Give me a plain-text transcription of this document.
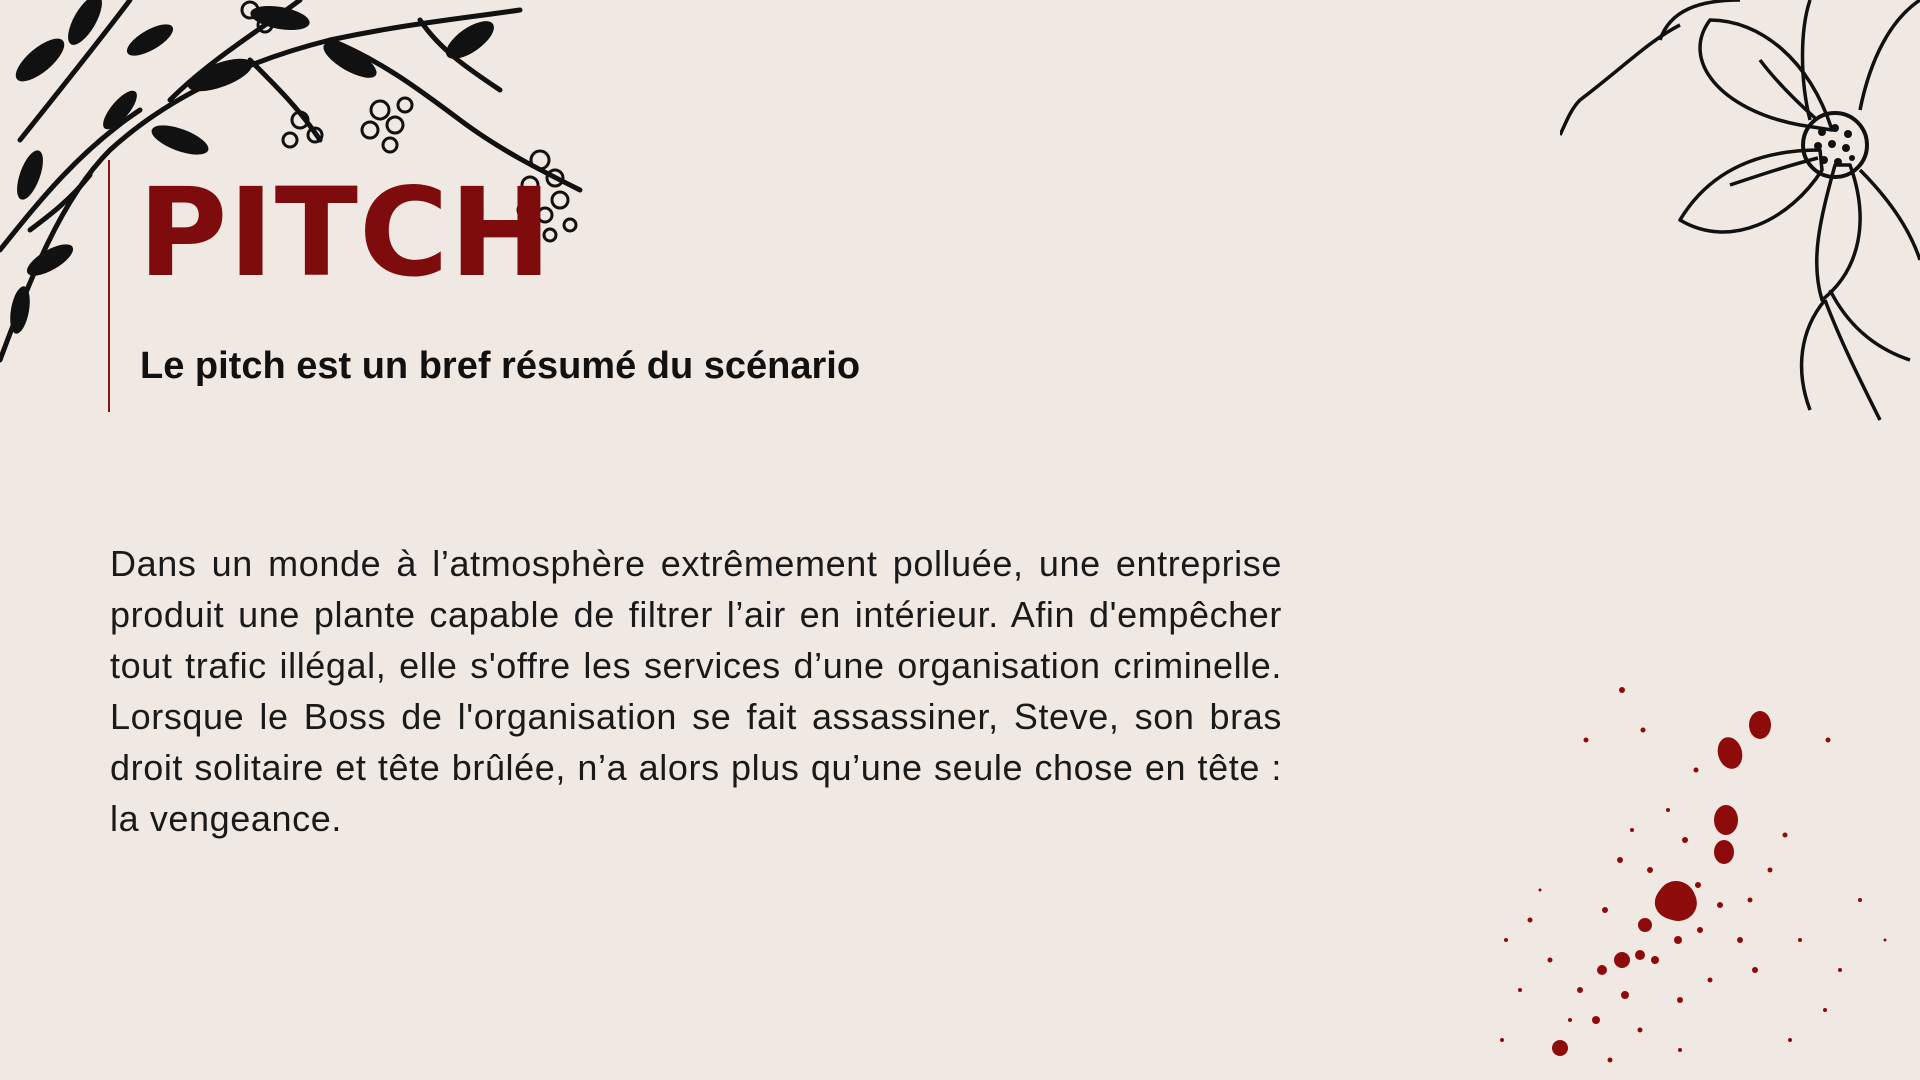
PITCH

Le pitch est un bref résumé du scénario

Dans un monde à l’atmosphère extrêmement polluée, une entreprise produit une plante capable de filtrer l’air en intérieur. Afin d'empêcher tout trafic illégal, elle s'offre les services d’une organisation criminelle. Lorsque le Boss de l'organisation se fait assassiner, Steve, son bras droit solitaire et tête brûlée, n’a alors plus qu’une seule chose en tête : la vengeance.
